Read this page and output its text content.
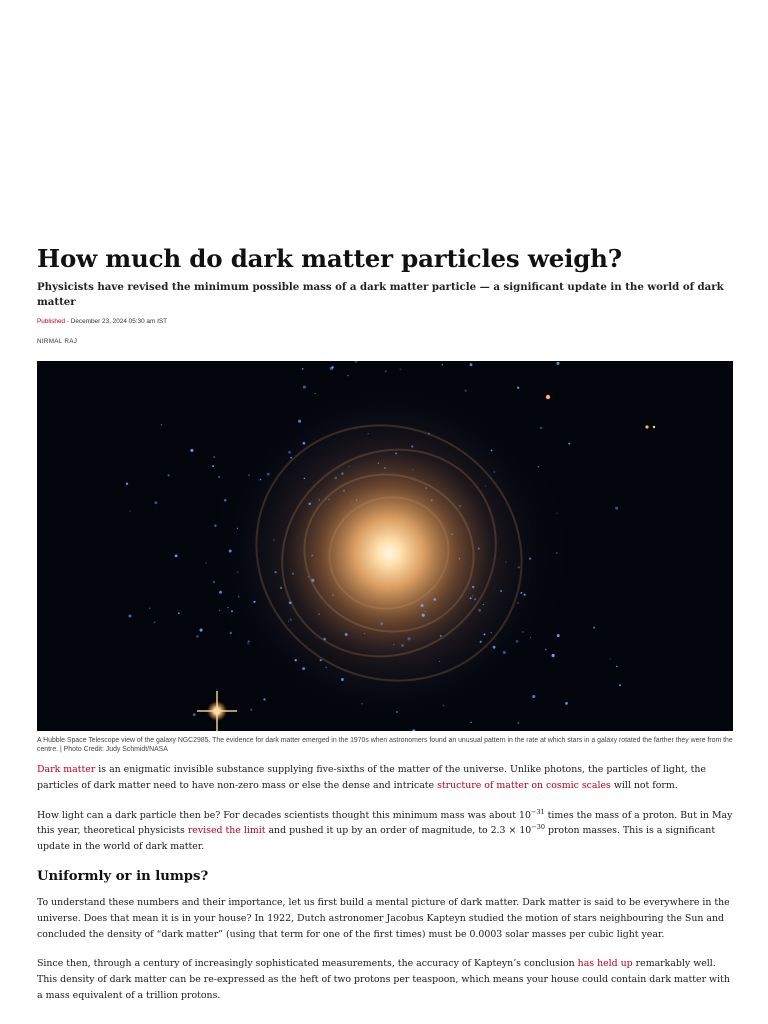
How much do dark matter particles weigh?

Physicists have revised the minimum possible mass of a dark matter particle — a significant update in the world of dark matter

Published - December 23, 2024 05:30 am IST
NIRMAL RAJ
A Hubble Space Telescope view of the galaxy NGC2985. The evidence for dark matter emerged in the 1970s when astronomers found an unusual pattern in the rate at which stars in a galaxy rotated the farther they were from the centre. | Photo Credit: Judy Schmidt/NASA

Dark matter is an enigmatic invisible substance supplying five-sixths of the matter of the universe. Unlike photons, the particles of light, the particles of dark matter need to have non-zero mass or else the dense and intricate structure of matter on cosmic scales will not form.

How light can a dark particle then be? For decades scientists thought this minimum mass was about $10^{-31}$ times the mass of a proton. But in May this year, theoretical physicists revised the limit and pushed it up by an order of magnitude, to $2.3 \times 10^{-30}$ proton masses. This is a significant update in the world of dark matter.

Uniformly or in lumps?

To understand these numbers and their importance, let us first build a mental picture of dark matter. Dark matter is said to be everywhere in the universe. Does that mean it is in your house? In 1922, Dutch astronomer Jacobus Kapteyn studied the motion of stars neighbouring the Sun and concluded the density of “dark matter” (using that term for one of the first times) must be 0.0003 solar masses per cubic light year.

Since then, through a century of increasingly sophisticated measurements, the accuracy of Kapteyn’s conclusion has held up remarkably well. This density of dark matter can be re-expressed as the heft of two protons per teaspoon, which means your house could contain dark matter with a mass equivalent of a trillion protons.
